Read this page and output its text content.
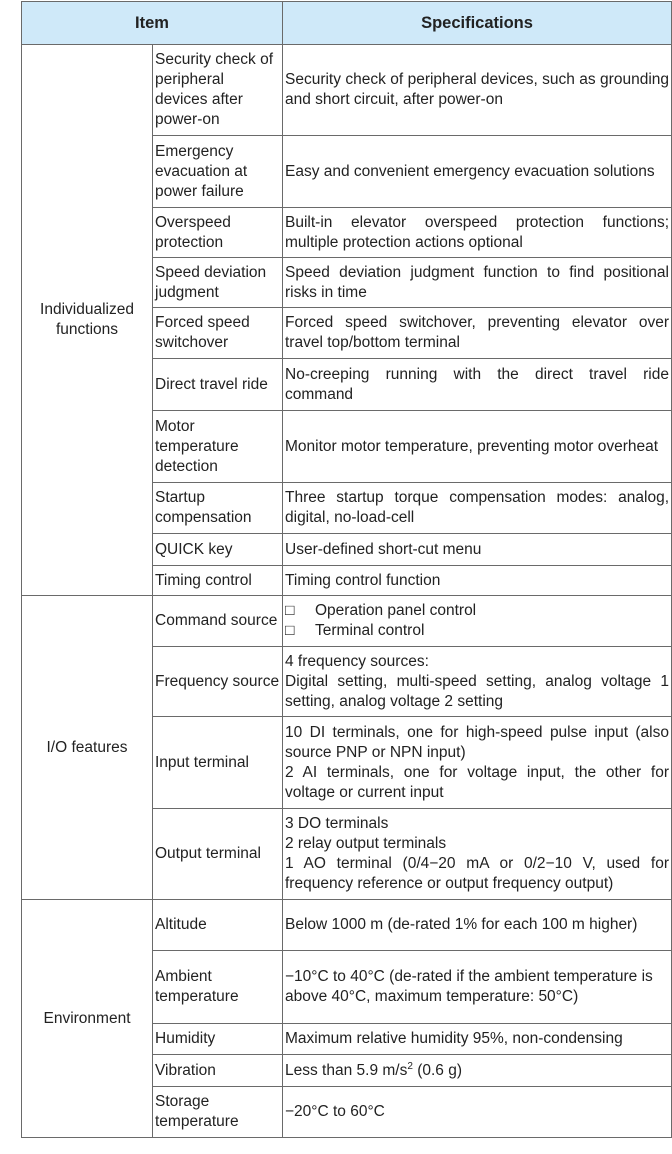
Item		Specifications
Individualized functions	Security check of peripheral devices after power-on	Security check of peripheral devices, such as grounding and short circuit, after power-on
	Emergency evacuation at power failure	Easy and convenient emergency evacuation solutions
	Overspeed protection	Built-in elevator overspeed protection functions; multiple protection actions optional
	Speed deviation judgment	Speed deviation judgment function to find positional risks in time
	Forced speed switchover	Forced speed switchover, preventing elevator over travel top/bottom terminal
	Direct travel ride	No-creeping running with the direct travel ride command
	Motor temperature detection	Monitor motor temperature, preventing motor overheat
	Startup compensation	Three startup torque compensation modes: analog, digital, no-load-cell
	QUICK key	User-defined short-cut menu
	Timing control	Timing control function
I/O features	Command source	□ Operation panel control
□ Terminal control

	Frequency source	4 frequency sources:
Digital setting, multi-speed setting, analog voltage 1 setting, analog voltage 2 setting

	Input terminal	10 DI terminals, one for high-speed pulse input (also source PNP or NPN input)
2 AI terminals, one for voltage input, the other for voltage or current input

	Output terminal	3 DO terminals
2 relay output terminals
1 AO terminal (0/4−20 mA or 0/2−10 V, used for frequency reference or output frequency output)

Environment	Altitude	Below 1000 m (de-rated 1% for each 100 m higher)
	Ambient temperature	−10°C to 40°C (de-rated if the ambient temperature is above 40°C, maximum temperature: 50°C)
	Humidity	Maximum relative humidity 95%, non-condensing
	Vibration	Less than 5.9 $m/s^2$ (0.6 g)
	Storage temperature	−20°C to 60°C
